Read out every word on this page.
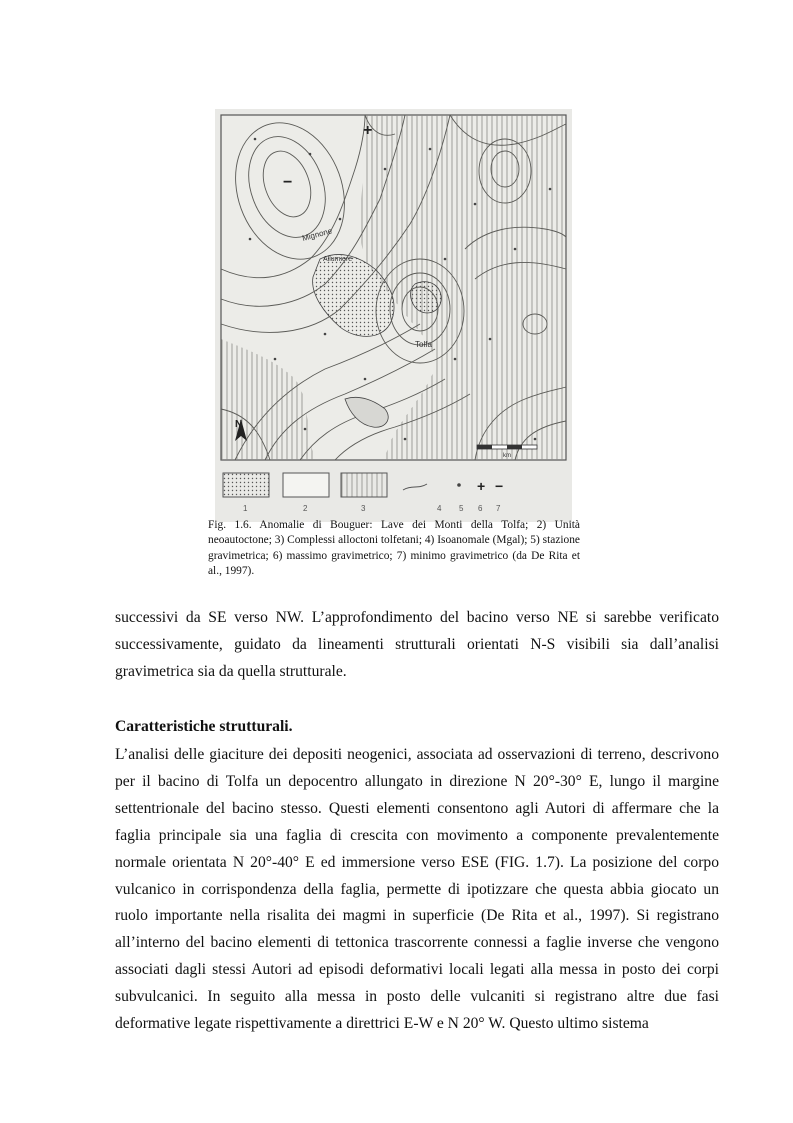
−
+
Mignone
Allumiere
Tolfa
N
km
+ −
1	2	3	4 5 6 7

Fig. 1.6. Anomalie di Bouguer: Lave dei Monti della Tolfa; 2) Unità neoautoctone; 3) Complessi alloctoni tolfetani; 4) Isoanomale (Mgal); 5) stazione gravimetrica; 6) massimo gravimetrico; 7) minimo gravimetrico (da De Rita et al., 1997).

successivi da SE verso NW. L’approfondimento del bacino verso NE si sarebbe verificato successivamente, guidato da lineamenti strutturali orientati N-S visibili sia dall’analisi gravimetrica sia da quella strutturale.

Caratteristiche strutturali.

L’analisi delle giaciture dei depositi neogenici, associata ad osservazioni di terreno, descrivono per il bacino di Tolfa un depocentro allungato in direzione N 20°-30° E, lungo il margine settentrionale del bacino stesso. Questi elementi consentono agli Autori di affermare che la faglia principale sia una faglia di crescita con movimento a componente prevalentemente normale orientata N 20°-40° E ed immersione verso ESE (FIG. 1.7). La posizione del corpo vulcanico in corrispondenza della faglia, permette di ipotizzare che questa abbia giocato un ruolo importante nella risalita dei magmi in superficie (De Rita et al., 1997). Si registrano all’interno del bacino elementi di tettonica trascorrente connessi a faglie inverse che vengono associati dagli stessi Autori ad episodi deformativi locali legati alla messa in posto dei corpi subvulcanici. In seguito alla messa in posto delle vulcaniti si registrano altre due fasi deformative legate rispettivamente a direttrici E-W e N 20° W. Questo ultimo sistema
